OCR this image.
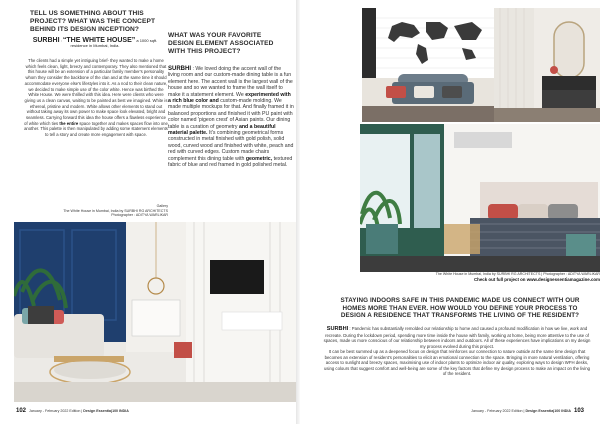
TELL US SOMETHING ABOUT THIS PROJECT? WHAT WAS THE CONCEPT BEHIND ITS DESIGN INCEPTION?
SURBHI : “THE WHITE HOUSE” a 1000 sqft. residence in Mumbai, India.
The clients had a simple yet intriguing brief- they wanted to make a home which feels clean, light, breezy and contemporary. They also mentioned that this house will be an extension of a particular family member's personality whom they consider the backbone of the clan and at the same time it should accommodate everyone else's lifestyles into it. As a nod to their clean nature, we decided to make simple use of the color white. Hence was birthed the White House. We were thrilled with this idea. Here were clients who were giving us a clean canvas, waiting to be painted as best we imagined. White is ethereal, pristine and modern. White allows other elements to stand out without taking away its own power to make space look elevated, bright and seamless. Carrying forward this idea the house offers a flawless experience of white which ties the entire space together and makes spaces flow into one another. This palette is then manipulated by adding some statement elements to tell a story and create more engagement with space.
Gallery
The White House in Mumbai, India by SURBHI RG ARCHITECTS
Photographer : ADITYA WARLIKAR
WHAT WAS YOUR FAVORITE DESIGN ELEMENT ASSOCIATED WITH THIS PROJECT?
SURBHI : We loved doing the accent wall of the living room and our custom-made dining table is a fun element here. The accent wall is the largest wall of the house and so we wanted to frame the wall itself to make it a statement element. We experimented with a rich blue color and custom-made molding. We made multiple mockups for that. And finally framed it in balanced proportions and finished it with PU paint with color named 'pigeon crest' of Asian paints. Our dining table is a curation of geometry and a beautiful material palette. It's combining geometrical forms constructed in metal finished with gold polish, solid wood, curved wood and finished with white, peach and red with curved edges. Custom made chairs complement this dining table with geometric, textured fabric of blue and red framed in gold polished metal.
102 January - February 2022 Edition | Design Essentia|100 INDIA
The White House in Mumbai, India by SURBHI RG ARCHITECTS | Photographer : ADITYA WARLIKAR
Check out full project on www.designessentiamagazine.com
STAYING INDOORS SAFE IN THIS PANDEMIC MADE US CONNECT WITH OUR HOMES MORE THAN EVER. HOW WOULD YOU DEFINE YOUR PROCESS TO DESIGN A RESIDENCE THAT TRANSFORMS THE LIVING OF THE RESIDENT?

SURBHI : Pandemic has substantially remolded our relationship to home and caused a profound modification in how we live, work and recreate. During the lockdown period, spending more time inside the house with family, working at home, being more attentive to the use of spaces, made us more conscious of our relationship between indoors and outdoors. All of these experiences have implications on my design my process evolved during this project.

It can be best summed up as a deepened focus on design that reinforces our connection to nature outside at the same time design that becomes an extension of resident's personalities to elicit an emotional connection to the space. Bringing in more natural ventilation, offering access to sunlight and breezy spaces, maximising use of indoor plants to optimize indoor air quality, exploring ways to design WFH desks, using colours that suggest comfort and well-being are some of the key factors that define my design process to make an impact on the living of the resident.

January - February 2022 Edition | Design Essentia|100 INDIA 103
